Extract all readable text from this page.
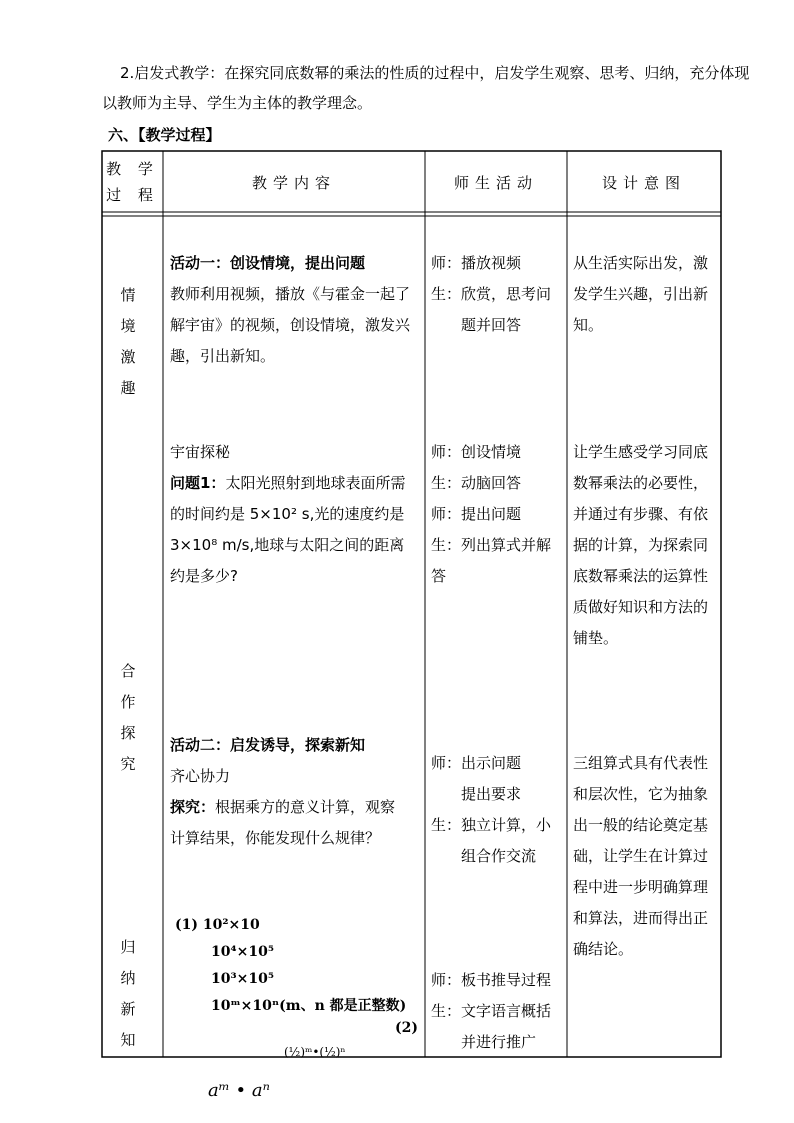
2.启发式教学：在探究同底数幂的乘法的性质的过程中，启发学生观察、思考、归纳，充分体现以教师为主导、学生为主体的教学理念。
六、【教学过程】
教 学
过 程
教学内容	师生活动	设计意图
情 境
激 趣
合 作
探 究
归 纳
新 知
活动一：创设情境，提出问题
教师利用视频，播放《与霍金一起了解宇宙》的视频，创设情境，激发兴趣，引出新知。
师：播放视频
生：欣赏，思考问
题并回答
从生活实际出发，激发学生兴趣，引出新知。
宇宙探秘
问题1：太阳光照射到地球表面所需
的时间约是 5×10² s,光的速度约是
3×10⁸ m/s,地球与太阳之间的距离
约是多少?
师：创设情境
生：动脑回答
师：提出问题
生：列出算式并解
答
让学生感受学习同底数幂乘法的必要性，并通过有步骤、有依据的计算，为探索同底数幂乘法的运算性质做好知识和方法的铺垫。
活动二：启发诱导，探索新知
齐心协力
探究：根据乘方的意义计算，观察
计算结果，你能发现什么规律？
(1) 10²×10
10⁴×10⁵
10³×10⁵
10ᵐ×10ⁿ(m、n 都是正整数)
(2)
师：出示问题
提出要求
生：独立计算，小
组合作交流
师：板书推导过程
生：文字语言概括
并进行推广
三组算式具有代表性和层次性，它为抽象出一般的结论奠定基础，让学生在计算过程中进一步明确算理和算法，进而得出正确结论。
(½)ᵐ•(½)ⁿ
aᵐ • aⁿ
